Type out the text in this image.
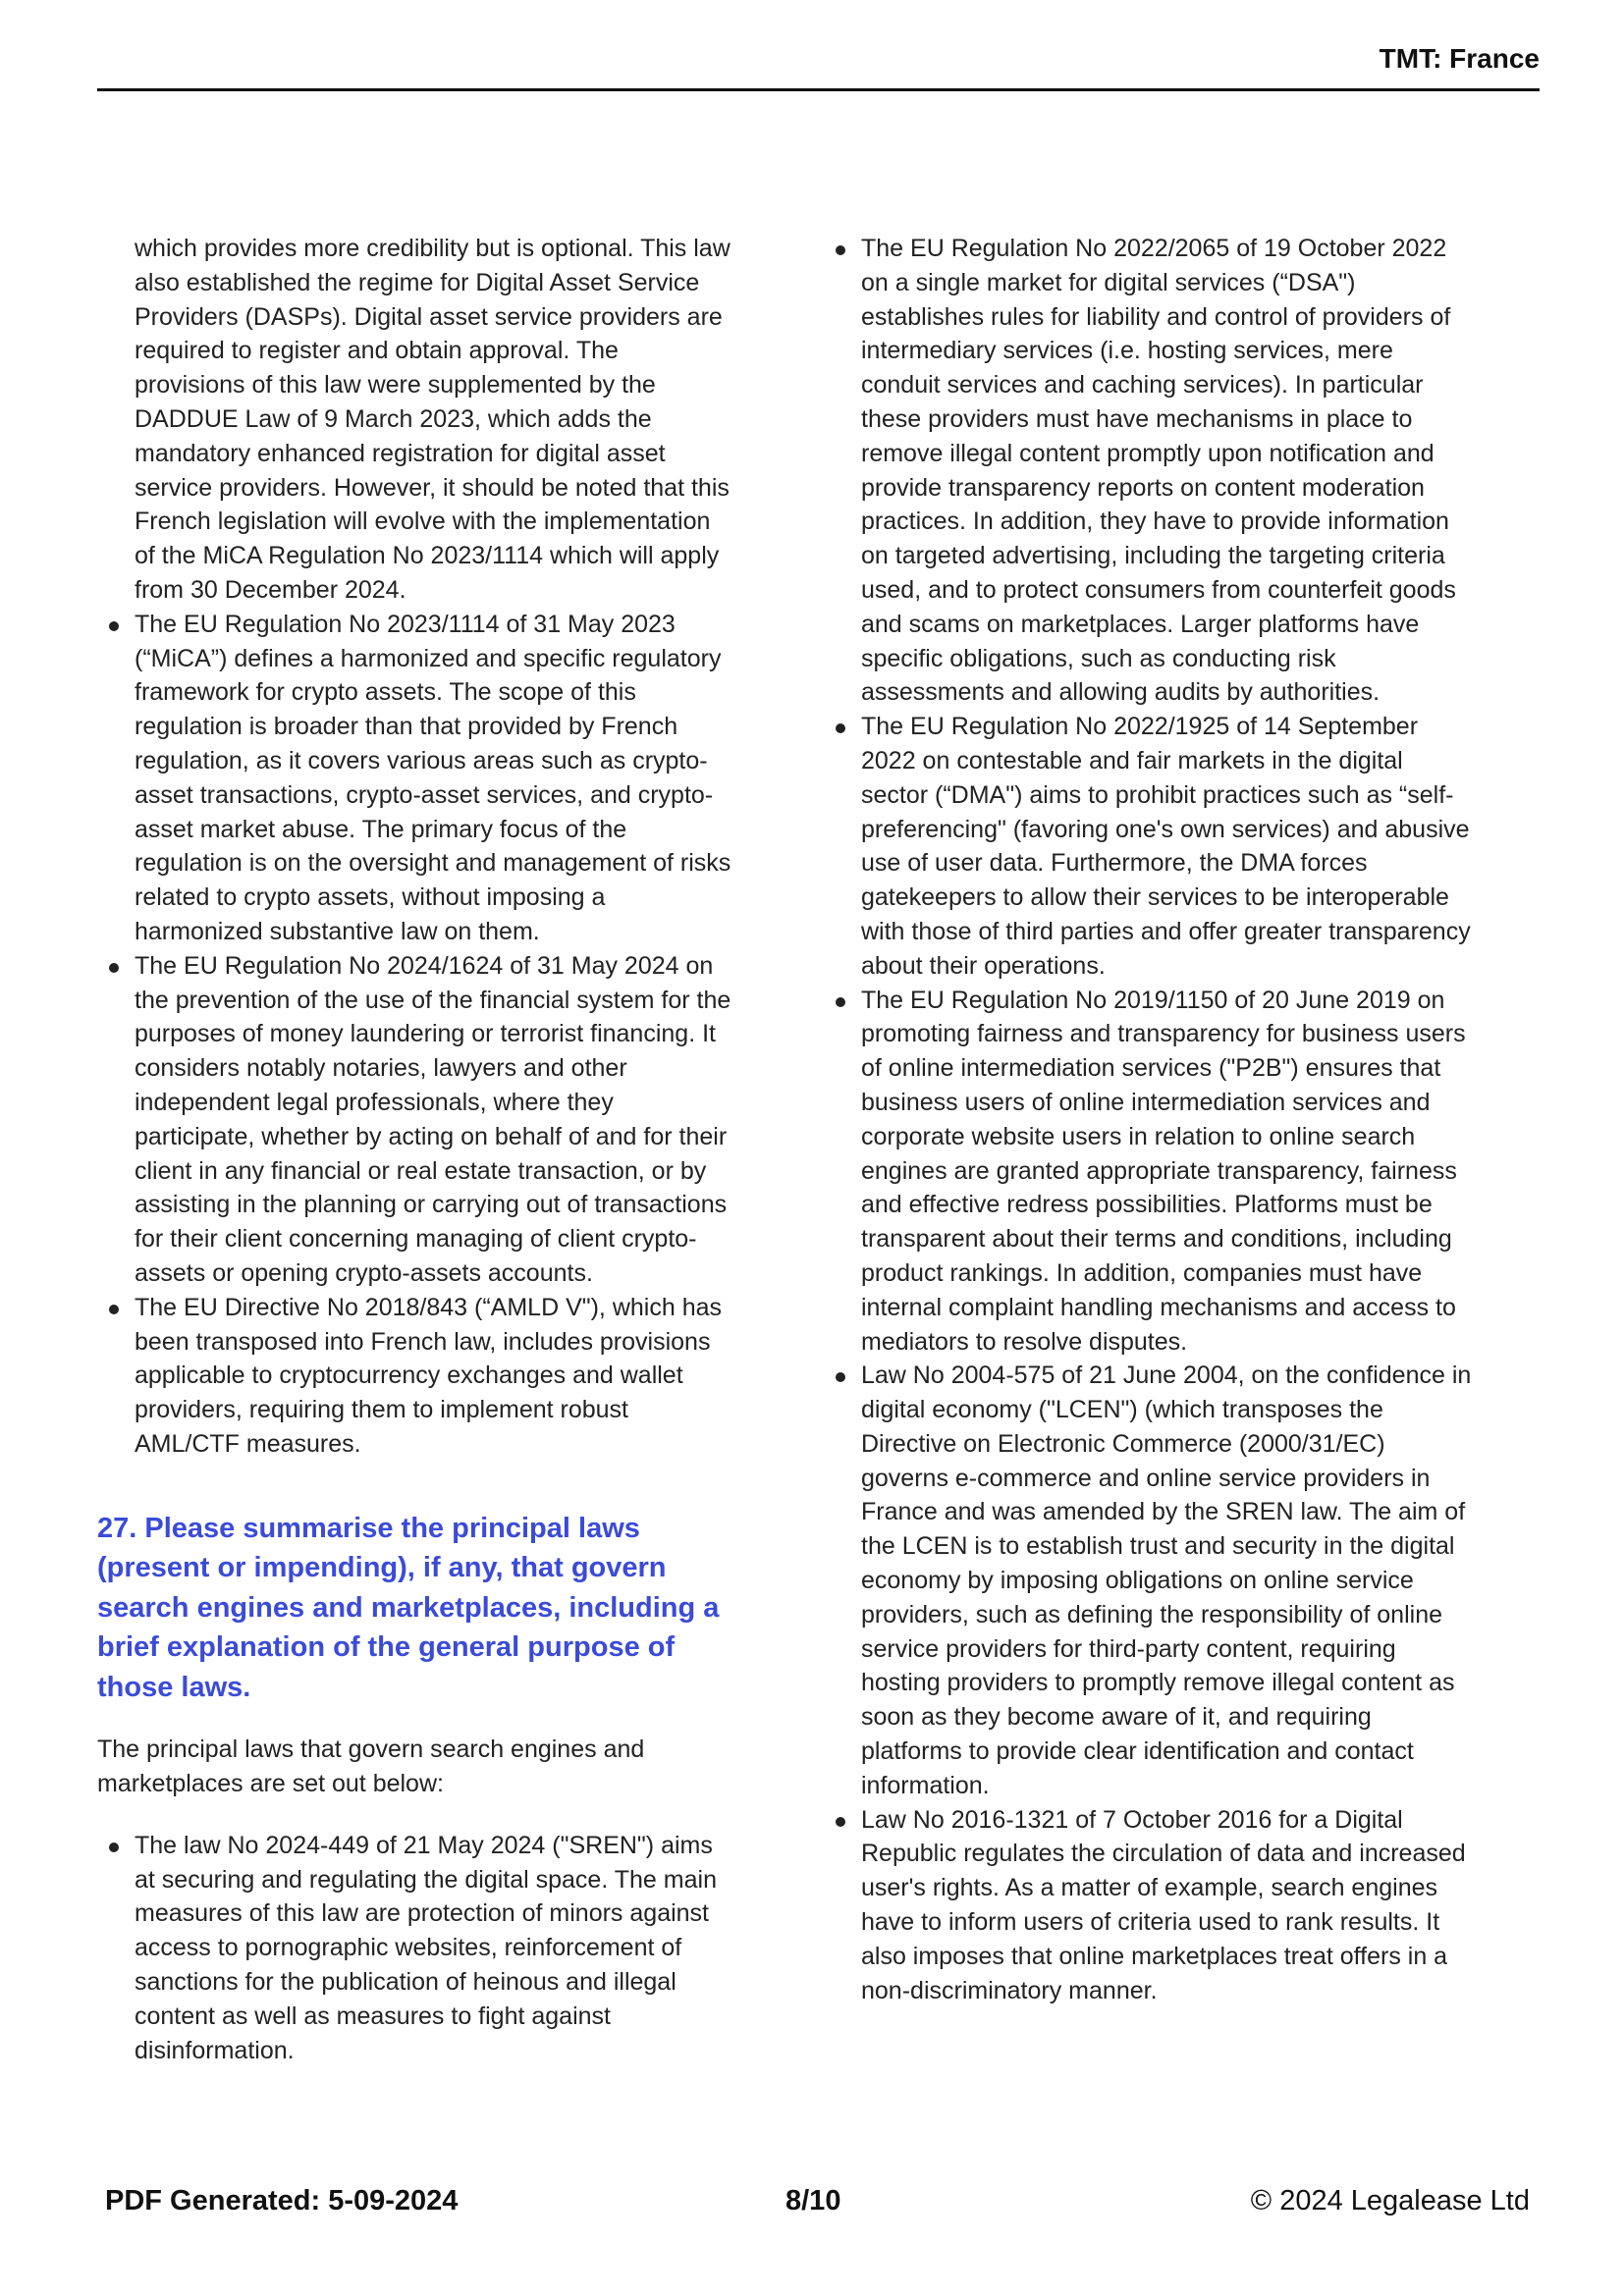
TMT: France
which provides more credibility but is optional. This law also established the regime for Digital Asset Service Providers (DASPs). Digital asset service providers are required to register and obtain approval. The provisions of this law were supplemented by the DADDUE Law of 9 March 2023, which adds the mandatory enhanced registration for digital asset service providers. However, it should be noted that this French legislation will evolve with the implementation of the MiCA Regulation No 2023/1114 which will apply from 30 December 2024.
The EU Regulation No 2023/1114 of 31 May 2023 (“MiCA”) defines a harmonized and specific regulatory framework for crypto assets. The scope of this regulation is broader than that provided by French regulation, as it covers various areas such as crypto-asset transactions, crypto-asset services, and crypto-asset market abuse. The primary focus of the regulation is on the oversight and management of risks related to crypto assets, without imposing a harmonized substantive law on them.
The EU Regulation No 2024/1624 of 31 May 2024 on the prevention of the use of the financial system for the purposes of money laundering or terrorist financing. It considers notably notaries, lawyers and other independent legal professionals, where they participate, whether by acting on behalf of and for their client in any financial or real estate transaction, or by assisting in the planning or carrying out of transactions for their client concerning managing of client crypto-assets or opening crypto-assets accounts.
The EU Directive No 2018/843 (“AMLD V"), which has been transposed into French law, includes provisions applicable to cryptocurrency exchanges and wallet providers, requiring them to implement robust AML/CTF measures.
27. Please summarise the principal laws (present or impending), if any, that govern search engines and marketplaces, including a brief explanation of the general purpose of those laws.

The principal laws that govern search engines and marketplaces are set out below:

The law No 2024-449 of 21 May 2024 ("SREN") aims at securing and regulating the digital space. The main measures of this law are protection of minors against access to pornographic websites, reinforcement of sanctions for the publication of heinous and illegal content as well as measures to fight against disinformation.
The EU Regulation No 2022/2065 of 19 October 2022 on a single market for digital services (“DSA") establishes rules for liability and control of providers of intermediary services (i.e. hosting services, mere conduit services and caching services). In particular these providers must have mechanisms in place to remove illegal content promptly upon notification and provide transparency reports on content moderation practices. In addition, they have to provide information on targeted advertising, including the targeting criteria used, and to protect consumers from counterfeit goods and scams on marketplaces. Larger platforms have specific obligations, such as conducting risk assessments and allowing audits by authorities.
The EU Regulation No 2022/1925 of 14 September 2022 on contestable and fair markets in the digital sector (“DMA") aims to prohibit practices such as “self-preferencing" (favoring one's own services) and abusive use of user data. Furthermore, the DMA forces gatekeepers to allow their services to be interoperable with those of third parties and offer greater transparency about their operations.
The EU Regulation No 2019/1150 of 20 June 2019 on promoting fairness and transparency for business users of online intermediation services ("P2B") ensures that business users of online intermediation services and corporate website users in relation to online search engines are granted appropriate transparency, fairness and effective redress possibilities. Platforms must be transparent about their terms and conditions, including product rankings. In addition, companies must have internal complaint handling mechanisms and access to mediators to resolve disputes.
Law No 2004-575 of 21 June 2004, on the confidence in digital economy ("LCEN") (which transposes the Directive on Electronic Commerce (2000/31/EC) governs e-commerce and online service providers in France and was amended by the SREN law. The aim of the LCEN is to establish trust and security in the digital economy by imposing obligations on online service providers, such as defining the responsibility of online service providers for third-party content, requiring hosting providers to promptly remove illegal content as soon as they become aware of it, and requiring platforms to provide clear identification and contact information.
Law No 2016-1321 of 7 October 2016 for a Digital Republic regulates the circulation of data and increased user's rights. As a matter of example, search engines have to inform users of criteria used to rank results. It also imposes that online marketplaces treat offers in a non-discriminatory manner.
PDF Generated: 5-09-2024	8/10	© 2024 Legalease Ltd
